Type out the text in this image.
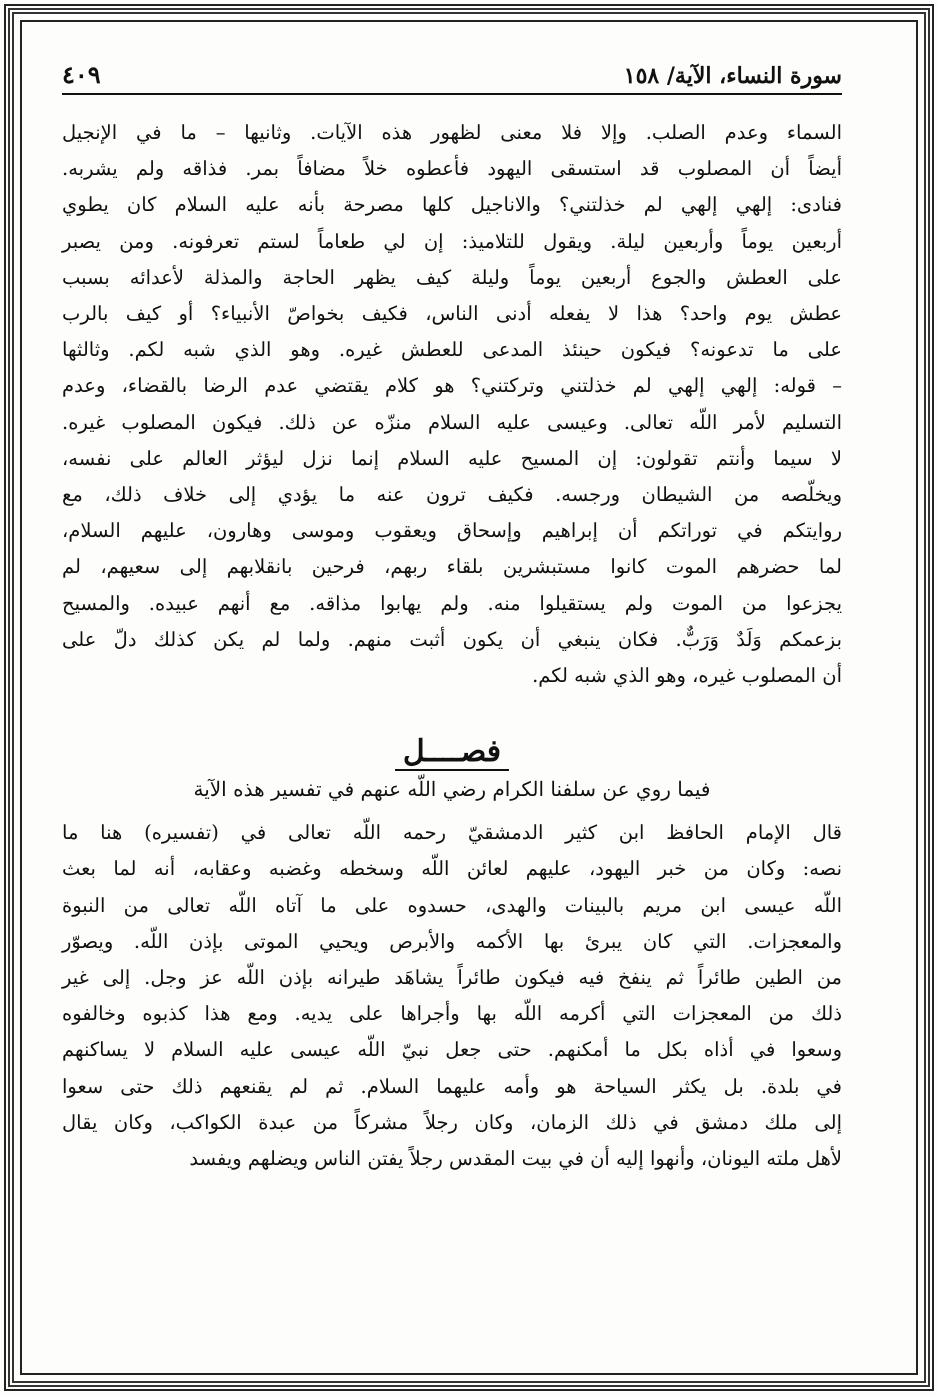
سورة النساء، الآية/ ١٥٨
٤٠٩
السماء وعدم الصلب. وإلا فلا معنى لظهور هذه الآيات. وثانيها – ما في الإنجيل
أيضاً أن المصلوب قد استسقى اليهود فأعطوه خلاً مضافاً بمر. فذاقه ولم يشربه.
فنادى: إلهي إلهي لم خذلتني؟ والاناجيل كلها مصرحة بأنه عليه السلام كان يطوي
أربعين يوماً وأربعين ليلة. ويقول للتلاميذ: إن لي طعاماً لستم تعرفونه. ومن يصبر
على العطش والجوع أربعين يوماً وليلة كيف يظهر الحاجة والمذلة لأعدائه بسبب
عطش يوم واحد؟ هذا لا يفعله أدنى الناس، فكيف بخواصّ الأنبياء؟ أو كيف بالرب
على ما تدعونه؟ فيكون حينئذ المدعى للعطش غيره. وهو الذي شبه لكم. وثالثها
– قوله: إلهي إلهي لم خذلتني وتركتني؟ هو كلام يقتضي عدم الرضا بالقضاء، وعدم
التسليم لأمر اللّه تعالى. وعيسى عليه السلام منزّه عن ذلك. فيكون المصلوب غيره.
لا سيما وأنتم تقولون: إن المسيح عليه السلام إنما نزل ليؤثر العالم على نفسه،
ويخلّصه من الشيطان ورجسه. فكيف ترون عنه ما يؤدي إلى خلاف ذلك، مع
روايتكم في توراتكم أن إبراهيم وإسحاق ويعقوب وموسى وهارون، عليهم السلام،
لما حضرهم الموت كانوا مستبشرين بلقاء ربهم، فرحين بانقلابهم إلى سعيهم، لم
يجزعوا من الموت ولم يستقيلوا منه. ولم يهابوا مذاقه. مع أنهم عبيده. والمسيح
بزعمكم وَلَدٌ وَرَبٌّ. فكان ينبغي أن يكون أثبت منهم. ولما لم يكن كذلك دلّ على
أن المصلوب غيره، وهو الذي شبه لكم.
فصــــل
فيما روي عن سلفنا الكرام رضي اللّه عنهم في تفسير هذه الآية
قال الإمام الحافظ ابن كثير الدمشقيّ رحمه اللّه تعالى في (تفسيره) هنا ما
نصه: وكان من خبر اليهود، عليهم لعائن اللّه وسخطه وغضبه وعقابه، أنه لما بعث
اللّه عيسى ابن مريم بالبينات والهدى، حسدوه على ما آتاه اللّه تعالى من النبوة
والمعجزات. التي كان يبرئ بها الأكمه والأبرص ويحيي الموتى بإذن اللّه. ويصوّر
من الطين طائراً ثم ينفخ فيه فيكون طائراً يشاهَد طيرانه بإذن اللّه عز وجل. إلى غير
ذلك من المعجزات التي أكرمه اللّه بها وأجراها على يديه. ومع هذا كذبوه وخالفوه
وسعوا في أذاه بكل ما أمكنهم. حتى جعل نبيّ اللّه عيسى عليه السلام لا يساكنهم
في بلدة. بل يكثر السياحة هو وأمه عليهما السلام. ثم لم يقنعهم ذلك حتى سعوا
إلى ملك دمشق في ذلك الزمان، وكان رجلاً مشركاً من عبدة الكواكب، وكان يقال
لأهل ملته اليونان، وأنهوا إليه أن في بيت المقدس رجلاً يفتن الناس ويضلهم ويفسد
